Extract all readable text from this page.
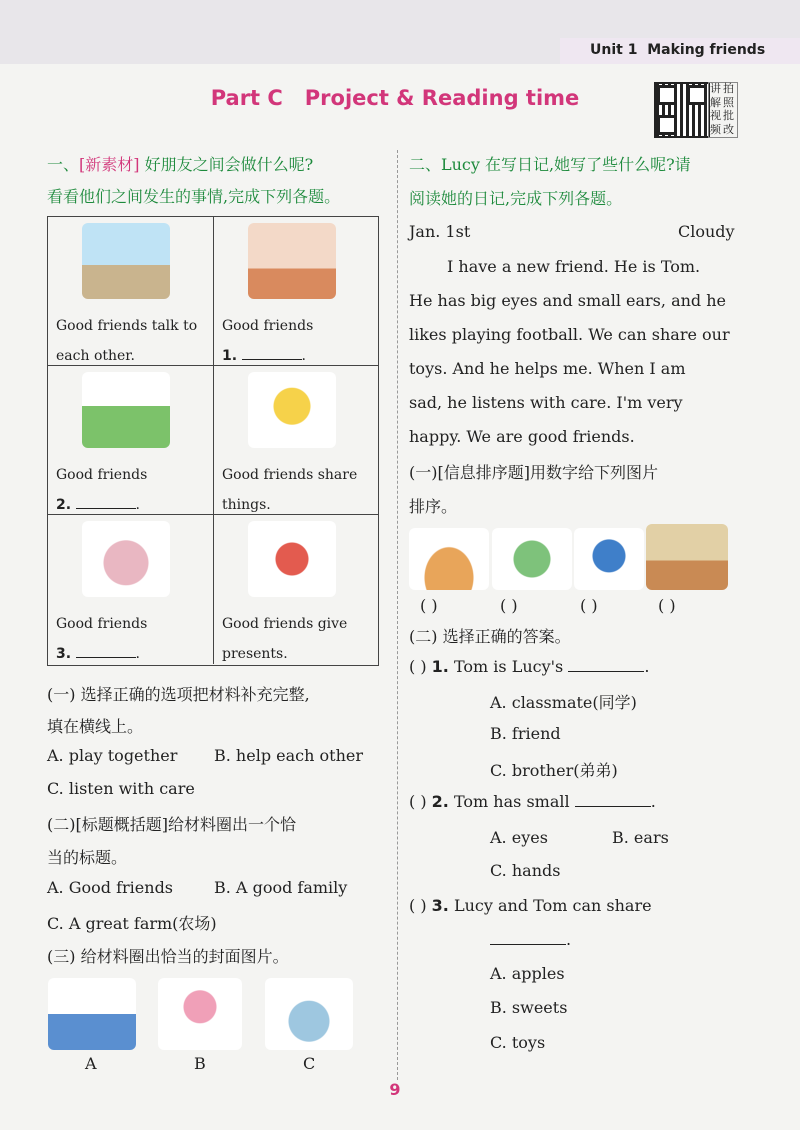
Unit 1 Making friends
Part C Project & Reading time	讲 拍
解 照
视 批
频 改
一、[新素材] 好朋友之间会做什么呢?
看看他们之间发生的事情,完成下列各题。
Good friends talk to
each other.
Good friends
1.	.
Good friends
2.	.
Good friends share
things.
Good friends
3.	.
Good friends give
presents.
(一) 选择正确的选项把材料补充完整,
填在横线上。
A. play together B. help each other
C. listen with care
(二)[标题概括题]给材料圈出一个恰
当的标题。
A. Good friends	B. A good family
C. A great farm(农场)
(三) 给材料圈出恰当的封面图片。
A	B	C
二、Lucy 在写日记,她写了些什么呢?请
阅读她的日记,完成下列各题。
Jan. 1st	Cloudy
I have a new friend. He is Tom.
He has big eyes and small ears, and he
likes playing football. We can share our
toys. And he helps me. When I am
sad, he listens with care. I'm very
happy. We are good friends.
(一)[信息排序题]用数字给下列图片
排序。
( )	( )	( )	( )
(二) 选择正确的答案。
( ) 1. Tom is Lucy's	.
A. classmate(同学)
B. friend
C. brother(弟弟)
( ) 2. Tom has small	.
A. eyes	B. ears
C. hands
( ) 3. Lucy and Tom can share
.
A. apples
B. sweets
C. toys
9
